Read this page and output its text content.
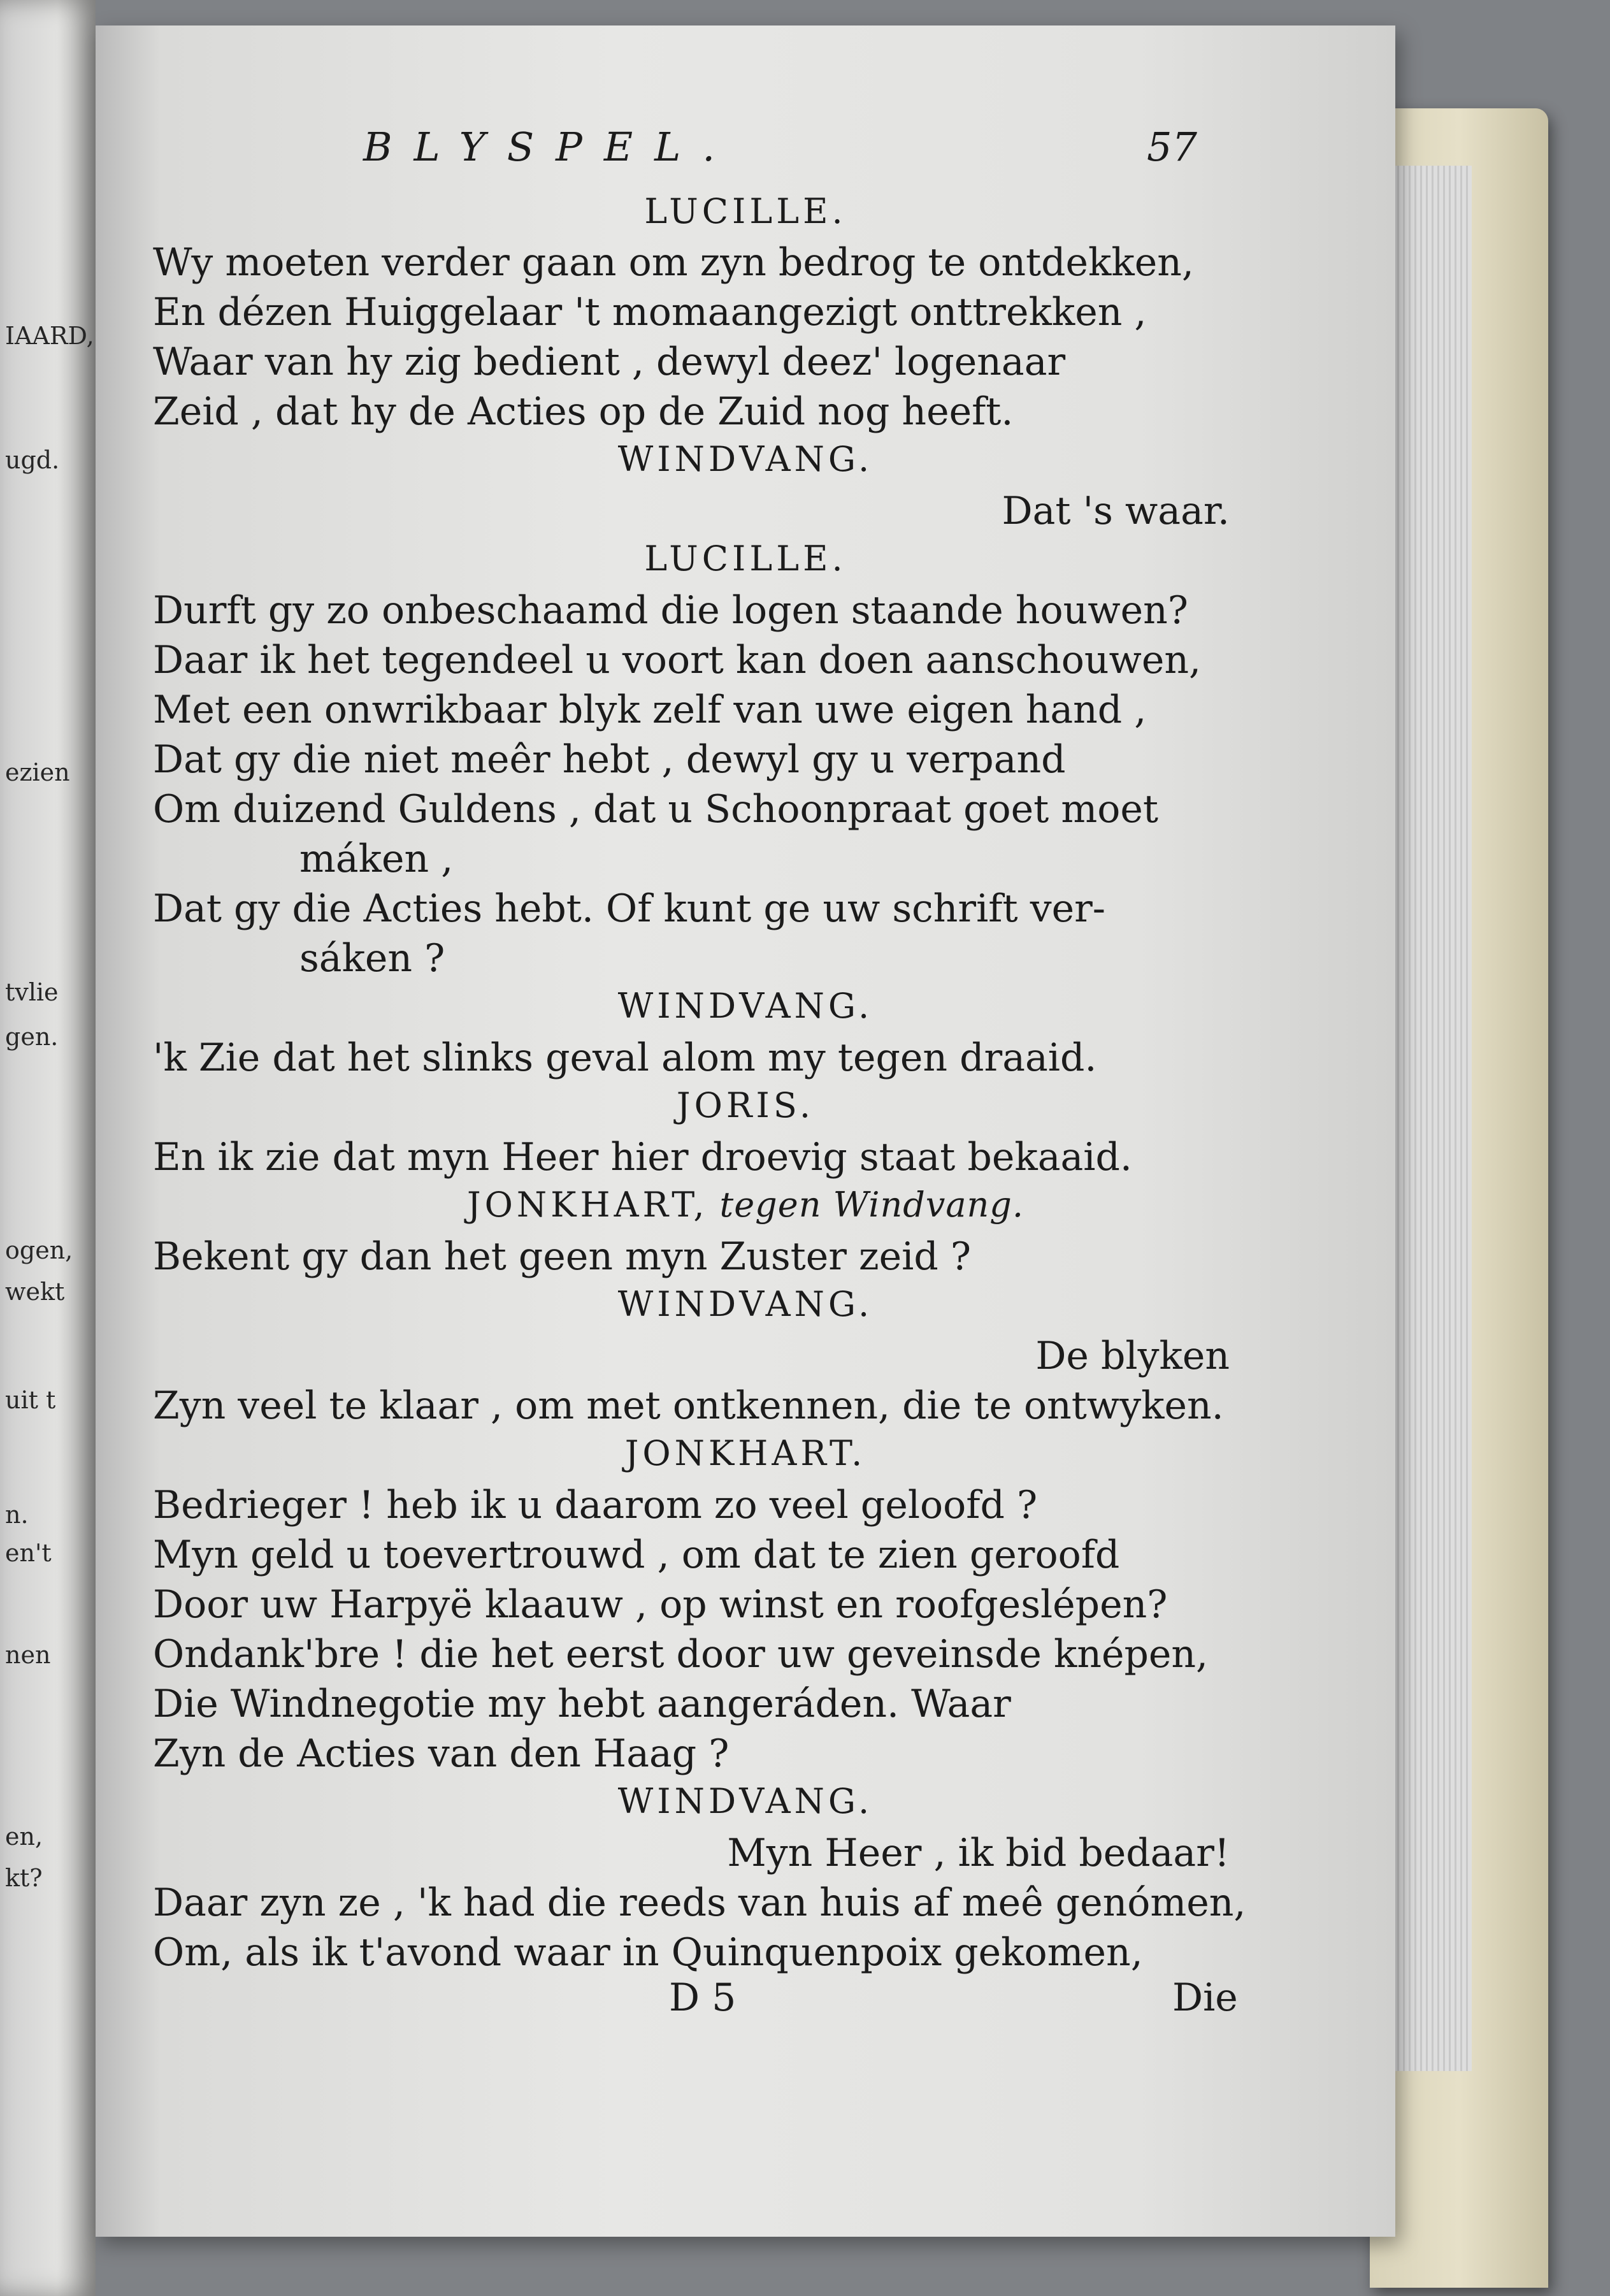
IAARD,
ugd.
ezien
tvlie
gen.
ogen,
wekt
uit t
n.
en't
nen
en,
kt?

BLYSPEL.	57

LUCILLE.

Wy moeten verder gaan om zyn bedrog te ontdekken,

En dézen Huiggelaar 't momaangezigt onttrekken ,

Waar van hy zig bedient , dewyl deez' logenaar

Zeid , dat hy de Acties op de Zuid nog heeft.

WINDVANG.

Dat 's waar.

LUCILLE.

Durft gy zo onbeschaamd die logen staande houwen?

Daar ik het tegendeel u voort kan doen aanschouwen,

Met een onwrikbaar blyk zelf van uwe eigen hand ,

Dat gy die niet meêr hebt , dewyl gy u verpand

Om duizend Guldens , dat u Schoonpraat goet moet

máken ,

Dat gy die Acties hebt. Of kunt ge uw schrift ver-

sáken ?

WINDVANG.

'k Zie dat het slinks geval alom my tegen draaid.

JORIS.

En ik zie dat myn Heer hier droevig staat bekaaid.

JONKHART, tegen Windvang.

Bekent gy dan het geen myn Zuster zeid ?

WINDVANG.

De blyken

Zyn veel te klaar , om met ontkennen, die te ontwyken.

JONKHART.

Bedrieger ! heb ik u daarom zo veel geloofd ?

Myn geld u toevertrouwd , om dat te zien geroofd

Door uw Harpyë klaauw , op winst en roofgeslépen?

Ondank'bre ! die het eerst door uw geveinsde knépen,

Die Windnegotie my hebt aangeráden. Waar

Zyn de Acties van den Haag ?

WINDVANG.

Myn Heer , ik bid bedaar!

Daar zyn ze , 'k had die reeds van huis af meê genómen,

Om, als ik t'avond waar in Quinquenpoix gekomen,

D 5	Die
